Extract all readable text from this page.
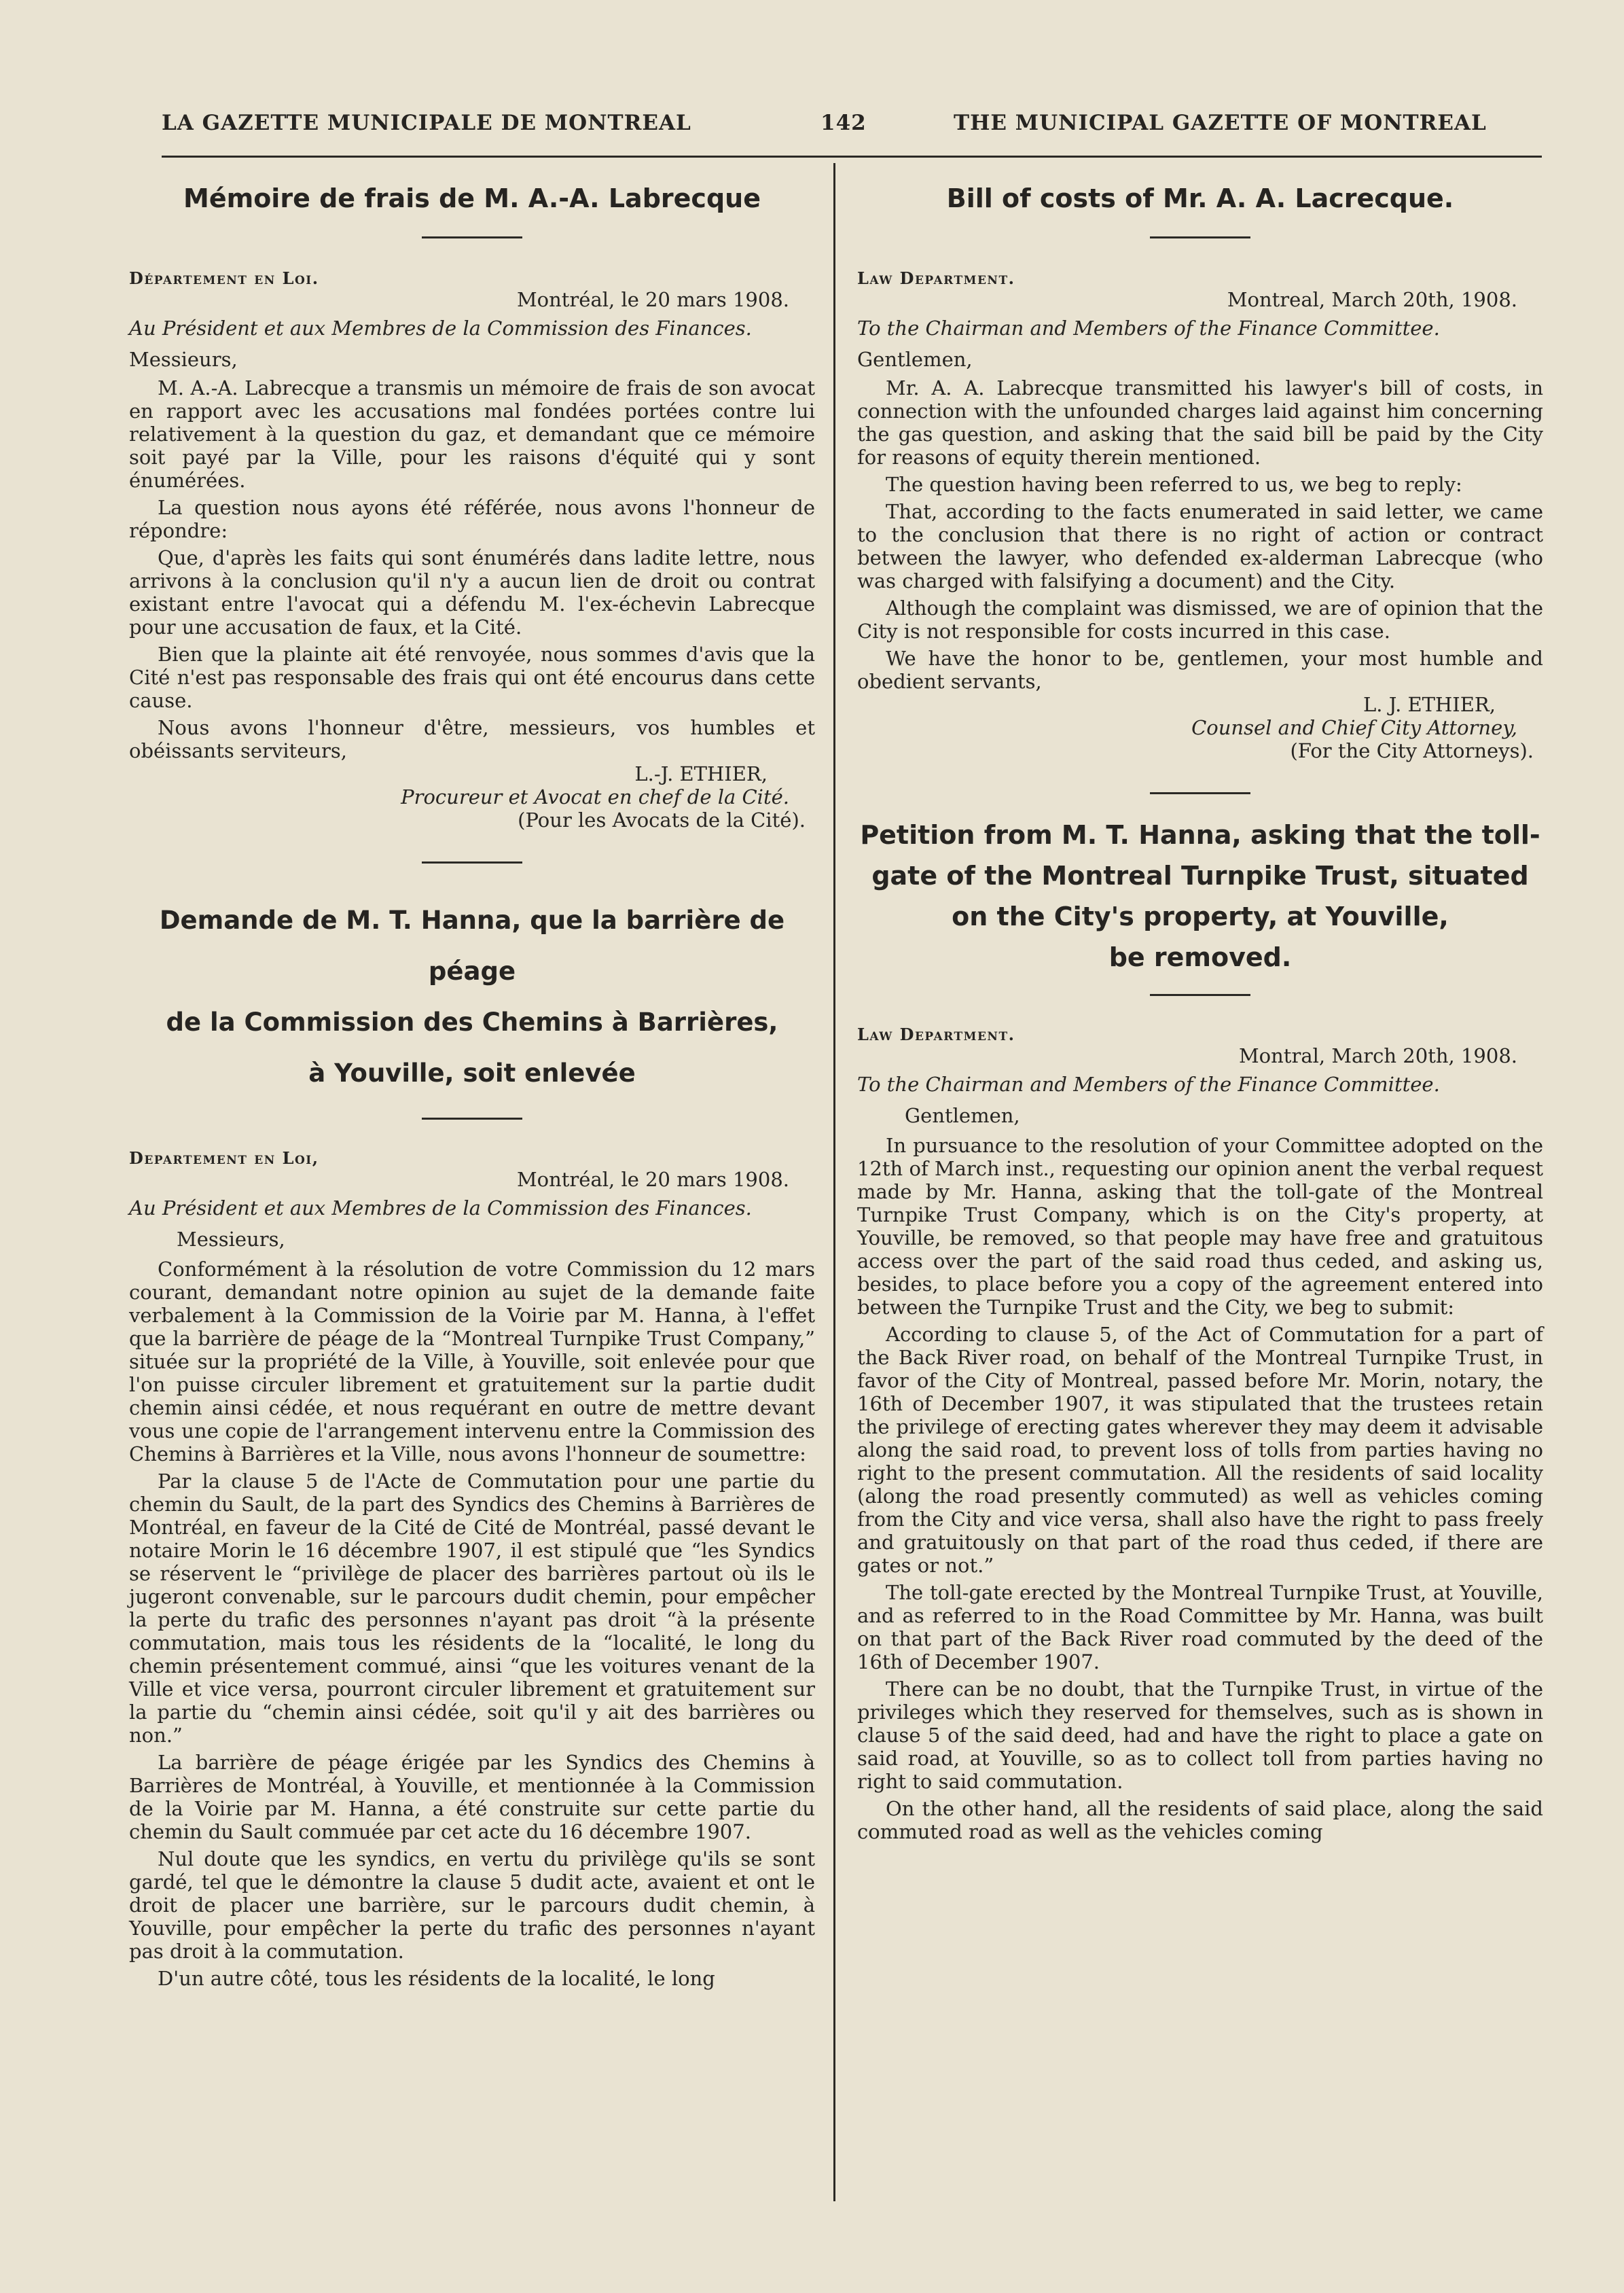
LA GAZETTE MUNICIPALE DE MONTREAL	142	THE MUNICIPAL GAZETTE OF MONTREAL
Mémoire de frais de M. A.-A. Labrecque
Département en Loi.

Montréal, le 20 mars 1908.

Au Président et aux Membres de la Commission des Finances.

Messieurs,

M. A.-A. Labrecque a transmis un mémoire de frais de son avocat en rapport avec les accusations mal fondées portées contre lui relativement à la question du gaz, et demandant que ce mémoire soit payé par la Ville, pour les raisons d'équité qui y sont énumérées.

La question nous ayons été référée, nous avons l'honneur de répondre:

Que, d'après les faits qui sont énumérés dans ladite lettre, nous arrivons à la conclusion qu'il n'y a aucun lien de droit ou contrat existant entre l'avocat qui a défendu M. l'ex-échevin Labrecque pour une accusation de faux, et la Cité.

Bien que la plainte ait été renvoyée, nous sommes d'avis que la Cité n'est pas responsable des frais qui ont été encourus dans cette cause.

Nous avons l'honneur d'être, messieurs, vos humbles et obéissants serviteurs,

L.-J. ETHIER,

Procureur et Avocat en chef de la Cité.

(Pour les Avocats de la Cité).

Demande de M. T. Hanna, que la barrière de péage
de la Commission des Chemins à Barrières,
à Youville, soit enlevée
Departement en Loi,

Montréal, le 20 mars 1908.

Au Président et aux Membres de la Commission des Finances.

Messieurs,

Conformément à la résolution de votre Commission du 12 mars courant, demandant notre opinion au sujet de la demande faite verbalement à la Commission de la Voirie par M. Hanna, à l'effet que la barrière de péage de la “Montreal Turnpike Trust Company,” située sur la propriété de la Ville, à Youville, soit enlevée pour que l'on puisse circuler librement et gratuitement sur la partie dudit chemin ainsi cédée, et nous requérant en outre de mettre devant vous une copie de l'arrangement intervenu entre la Commission des Chemins à Barrières et la Ville, nous avons l'honneur de soumettre:

Par la clause 5 de l'Acte de Commutation pour une partie du chemin du Sault, de la part des Syndics des Chemins à Barrières de Montréal, en faveur de la Cité de Cité de Montréal, passé devant le notaire Morin le 16 décembre 1907, il est stipulé que “les Syndics se réservent le “privilège de placer des barrières partout où ils le jugeront convenable, sur le parcours dudit chemin, pour empêcher la perte du trafic des personnes n'ayant pas droit “à la présente commutation, mais tous les résidents de la “localité, le long du chemin présentement commué, ainsi “que les voitures venant de la Ville et vice versa, pourront circuler librement et gratuitement sur la partie du “chemin ainsi cédée, soit qu'il y ait des barrières ou non.”

La barrière de péage érigée par les Syndics des Chemins à Barrières de Montréal, à Youville, et mentionnée à la Commission de la Voirie par M. Hanna, a été construite sur cette partie du chemin du Sault commuée par cet acte du 16 décembre 1907.

Nul doute que les syndics, en vertu du privilège qu'ils se sont gardé, tel que le démontre la clause 5 dudit acte, avaient et ont le droit de placer une barrière, sur le parcours dudit chemin, à Youville, pour empêcher la perte du trafic des personnes n'ayant pas droit à la commutation.

D'un autre côté, tous les résidents de la localité, le long

Bill of costs of Mr. A. A. Lacrecque.
Law Department.

Montreal, March 20th, 1908.

To the Chairman and Members of the Finance Committee.

Gentlemen,

Mr. A. A. Labrecque transmitted his lawyer's bill of costs, in connection with the unfounded charges laid against him concerning the gas question, and asking that the said bill be paid by the City for reasons of equity therein mentioned.

The question having been referred to us, we beg to reply:

That, according to the facts enumerated in said letter, we came to the conclusion that there is no right of action or contract between the lawyer, who defended ex-alderman Labrecque (who was charged with falsifying a document) and the City.

Although the complaint was dismissed, we are of opinion that the City is not responsible for costs incurred in this case.

We have the honor to be, gentlemen, your most humble and obedient servants,

L. J. ETHIER,

Counsel and Chief City Attorney,

(For the City Attorneys).

Petition from M. T. Hanna, asking that the toll-
gate of the Montreal Turnpike Trust, situated
on the City's property, at Youville,
be removed.
Law Department.

Montral, March 20th, 1908.

To the Chairman and Members of the Finance Committee.

Gentlemen,

In pursuance to the resolution of your Committee adopted on the 12th of March inst., requesting our opinion anent the verbal request made by Mr. Hanna, asking that the toll-gate of the Montreal Turnpike Trust Company, which is on the City's property, at Youville, be removed, so that people may have free and gratuitous access over the part of the said road thus ceded, and asking us, besides, to place before you a copy of the agreement entered into between the Turnpike Trust and the City, we beg to submit:

According to clause 5, of the Act of Commutation for a part of the Back River road, on behalf of the Montreal Turnpike Trust, in favor of the City of Montreal, passed before Mr. Morin, notary, the 16th of December 1907, it was stipulated that the trustees retain the privilege of erecting gates wherever they may deem it advisable along the said road, to prevent loss of tolls from parties having no right to the present commutation. All the residents of said locality (along the road presently commuted) as well as vehicles coming from the City and vice versa, shall also have the right to pass freely and gratuitously on that part of the road thus ceded, if there are gates or not.”

The toll-gate erected by the Montreal Turnpike Trust, at Youville, and as referred to in the Road Committee by Mr. Hanna, was built on that part of the Back River road commuted by the deed of the 16th of December 1907.

There can be no doubt, that the Turnpike Trust, in virtue of the privileges which they reserved for themselves, such as is shown in clause 5 of the said deed, had and have the right to place a gate on said road, at Youville, so as to collect toll from parties having no right to said commutation.

On the other hand, all the residents of said place, along the said commuted road as well as the vehicles coming
